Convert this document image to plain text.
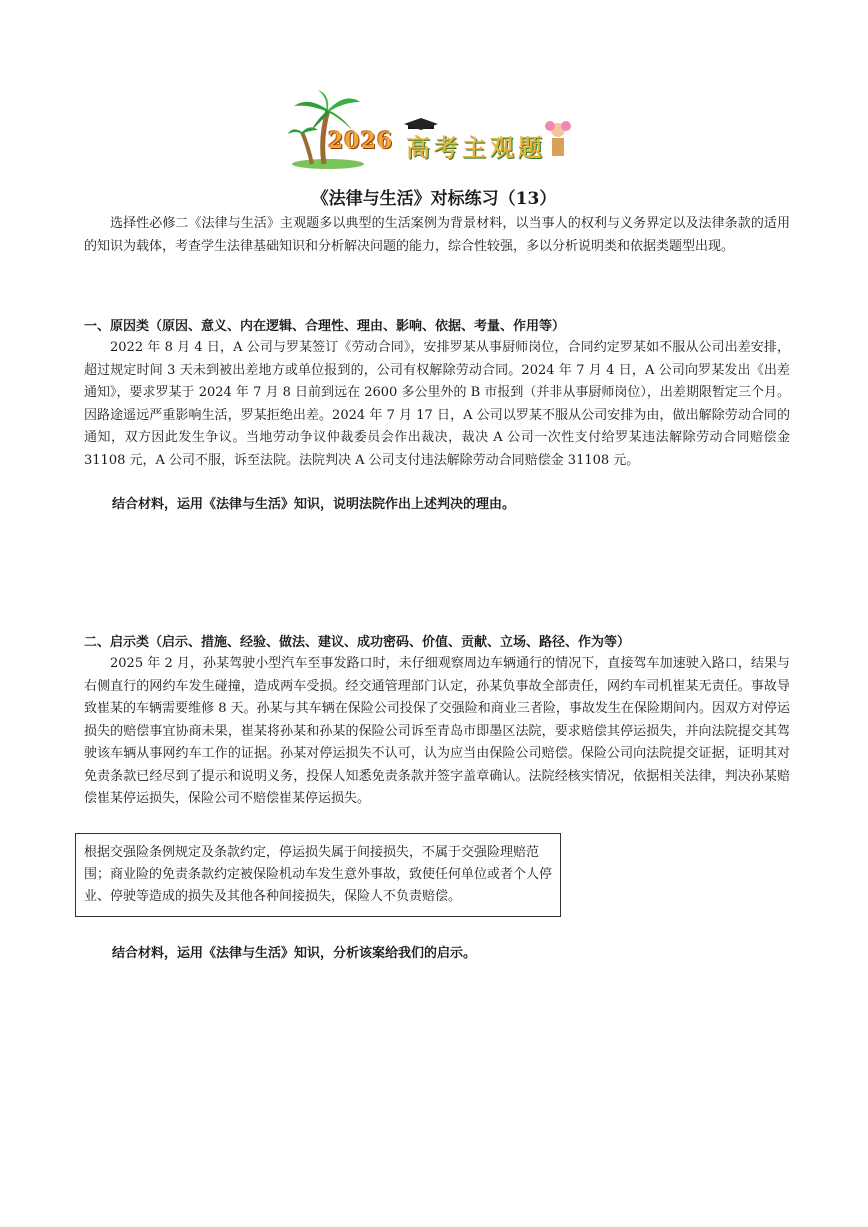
2026 高考主观题
《法律与生活》对标练习（13）

选择性必修二《法律与生活》主观题多以典型的生活案例为背景材料，以当事人的权利与义务界定以及法律条款的适用的知识为载体，考查学生法律基础知识和分析解决问题的能力，综合性较强，多以分析说明类和依据类题型出现。

一、原因类（原因、意义、内在逻辑、合理性、理由、影响、依据、考量、作用等）

2022 年 8 月 4 日，A 公司与罗某签订《劳动合同》，安排罗某从事厨师岗位，合同约定罗某如不服从公司出差安排，超过规定时间 3 天未到被出差地方或单位报到的，公司有权解除劳动合同。2024 年 7 月 4 日，A 公司向罗某发出《出差通知》，要求罗某于 2024 年 7 月 8 日前到远在 2600 多公里外的 B 市报到（并非从事厨师岗位），出差期限暂定三个月。因路途遥远严重影响生活，罗某拒绝出差。2024 年 7 月 17 日，A 公司以罗某不服从公司安排为由，做出解除劳动合同的通知，双方因此发生争议。当地劳动争议仲裁委员会作出裁决，裁决 A 公司一次性支付给罗某违法解除劳动合同赔偿金 31108 元，A 公司不服，诉至法院。法院判决 A 公司支付违法解除劳动合同赔偿金 31108 元。

结合材料，运用《法律与生活》知识，说明法院作出上述判决的理由。
二、启示类（启示、措施、经验、做法、建议、成功密码、价值、贡献、立场、路径、作为等）

2025 年 2 月，孙某驾驶小型汽车至事发路口时，未仔细观察周边车辆通行的情况下，直接驾车加速驶入路口，结果与右侧直行的网约车发生碰撞，造成两车受损。经交通管理部门认定，孙某负事故全部责任，网约车司机崔某无责任。事故导致崔某的车辆需要维修 8 天。孙某与其车辆在保险公司投保了交强险和商业三者险，事故发生在保险期间内。因双方对停运损失的赔偿事宜协商未果，崔某将孙某和孙某的保险公司诉至青岛市即墨区法院，要求赔偿其停运损失，并向法院提交其驾驶该车辆从事网约车工作的证据。孙某对停运损失不认可，认为应当由保险公司赔偿。保险公司向法院提交证据，证明其对免责条款已经尽到了提示和说明义务，投保人知悉免责条款并签字盖章确认。法院经核实情况，依据相关法律，判决孙某赔偿崔某停运损失，保险公司不赔偿崔某停运损失。

根据交强险条例规定及条款约定，停运损失属于间接损失，不属于交强险理赔范围；商业险的免责条款约定被保险机动车发生意外事故，致使任何单位或者个人停业、停驶等造成的损失及其他各种间接损失，保险人不负责赔偿。
结合材料，运用《法律与生活》知识，分析该案给我们的启示。
